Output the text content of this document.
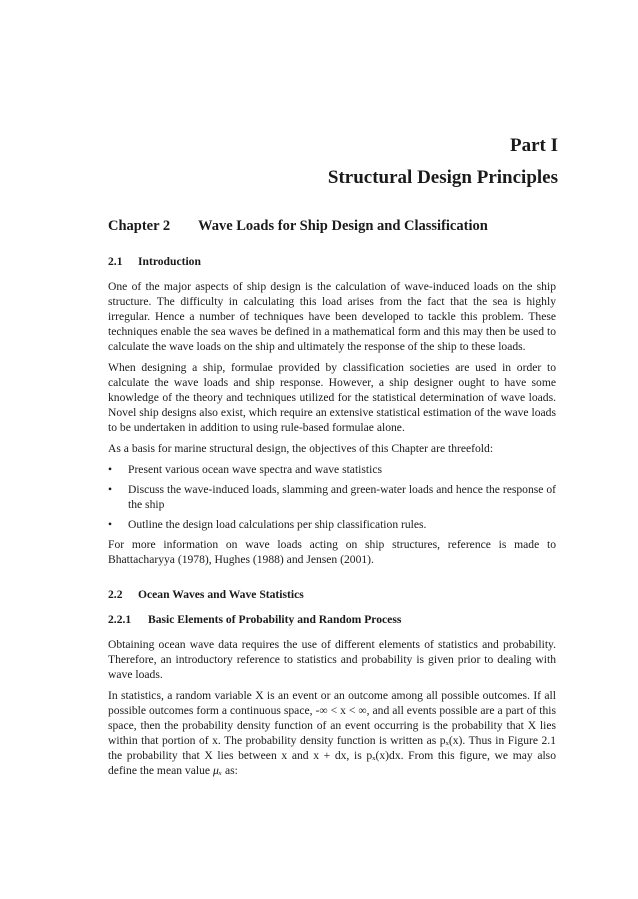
Part I
Structural Design Principles
Chapter 2 Wave Loads for Ship Design and Classification
2.1 Introduction

One of the major aspects of ship design is the calculation of wave-induced loads on the ship structure. The difficulty in calculating this load arises from the fact that the sea is highly irregular. Hence a number of techniques have been developed to tackle this problem. These techniques enable the sea waves be defined in a mathematical form and this may then be used to calculate the wave loads on the ship and ultimately the response of the ship to these loads.

When designing a ship, formulae provided by classification societies are used in order to calculate the wave loads and ship response. However, a ship designer ought to have some knowledge of the theory and techniques utilized for the statistical determination of wave loads. Novel ship designs also exist, which require an extensive statistical estimation of the wave loads to be undertaken in addition to using rule-based formulae alone.

As a basis for marine structural design, the objectives of this Chapter are threefold:

• Present various ocean wave spectra and wave statistics
• Discuss the wave-induced loads, slamming and green-water loads and hence the response of the ship
• Outline the design load calculations per ship classification rules.

For more information on wave loads acting on ship structures, reference is made to Bhattacharyya (1978), Hughes (1988) and Jensen (2001).

2.2 Ocean Waves and Wave Statistics
2.2.1 Basic Elements of Probability and Random Process

Obtaining ocean wave data requires the use of different elements of statistics and probability. Therefore, an introductory reference to statistics and probability is given prior to dealing with wave loads.

In statistics, a random variable X is an event or an outcome among all possible outcomes. If all possible outcomes form a continuous space, -∞ < x < ∞, and all events possible are a part of this space, then the probability density function of an event occurring is the probability that X lies within that portion of x. The probability density function is written as pₓ(x). Thus in Figure 2.1 the probability that X lies between x and x + dx, is pₓ(x)dx. From this figure, we may also define the mean value μₓ as:
